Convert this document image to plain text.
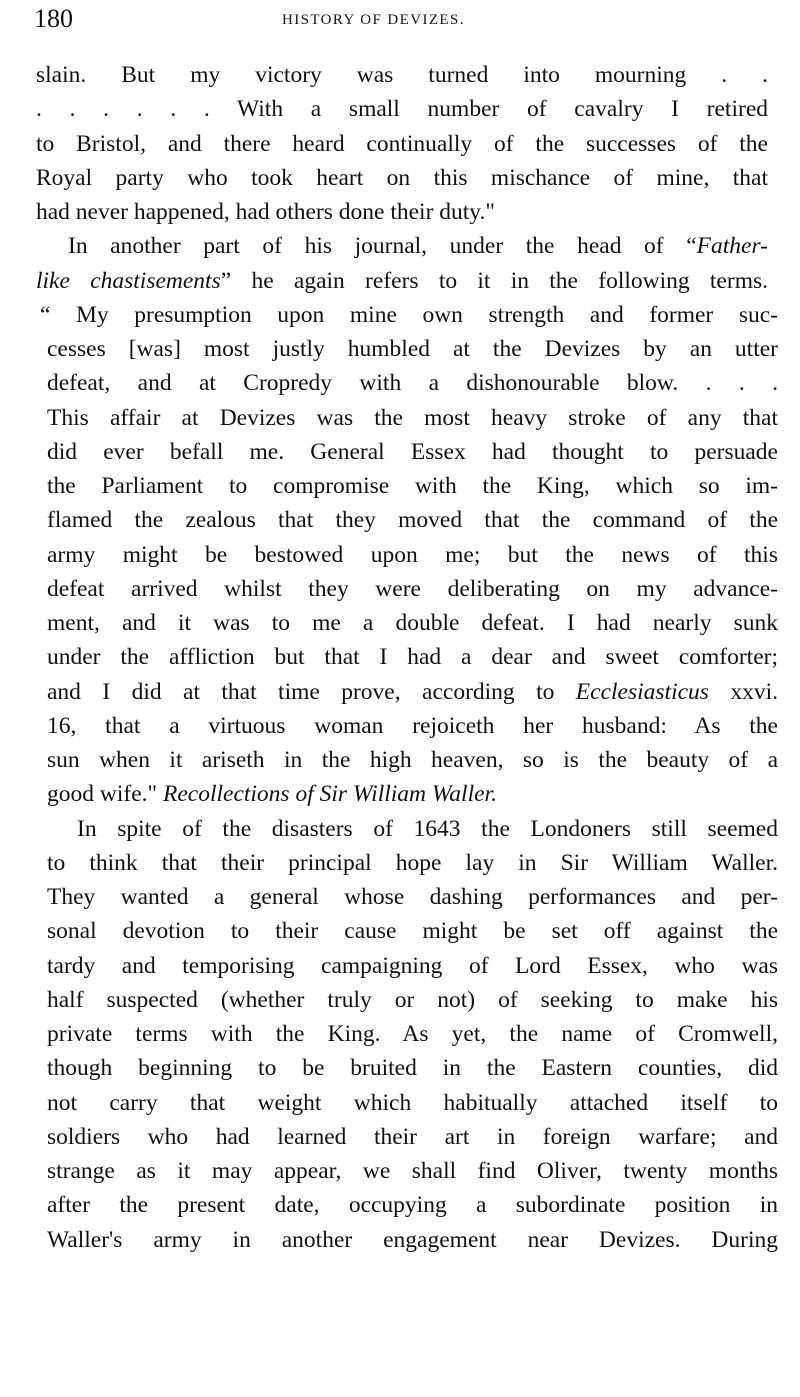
180	HISTORY OF DEVIZES.
slain. But my victory was turned into mourning . .
. . . . . . With a small number of cavalry I retired
to Bristol, and there heard continually of the successes of the
Royal party who took heart on this mischance of mine, that
had never happened, had others done their duty."
In another part of his journal, under the head of “Father-
like chastisements” he again refers to it in the following terms.
“ My presumption upon mine own strength and former suc-
cesses [was] most justly humbled at the Devizes by an utter
defeat, and at Cropredy with a dishonourable blow. . . .
This affair at Devizes was the most heavy stroke of any that
did ever befall me. General Essex had thought to persuade
the Parliament to compromise with the King, which so im-
flamed the zealous that they moved that the command of the
army might be bestowed upon me; but the news of this
defeat arrived whilst they were deliberating on my advance-
ment, and it was to me a double defeat. I had nearly sunk
under the affliction but that I had a dear and sweet comforter;
and I did at that time prove, according to Ecclesiasticus xxvi.
16, that a virtuous woman rejoiceth her husband: As the
sun when it ariseth in the high heaven, so is the beauty of a
good wife." Recollections of Sir William Waller.
In spite of the disasters of 1643 the Londoners still seemed
to think that their principal hope lay in Sir William Waller.
They wanted a general whose dashing performances and per-
sonal devotion to their cause might be set off against the
tardy and temporising campaigning of Lord Essex, who was
half suspected (whether truly or not) of seeking to make his
private terms with the King. As yet, the name of Cromwell,
though beginning to be bruited in the Eastern counties, did
not carry that weight which habitually attached itself to
soldiers who had learned their art in foreign warfare; and
strange as it may appear, we shall find Oliver, twenty months
after the present date, occupying a subordinate position in
Waller's army in another engagement near Devizes. During
